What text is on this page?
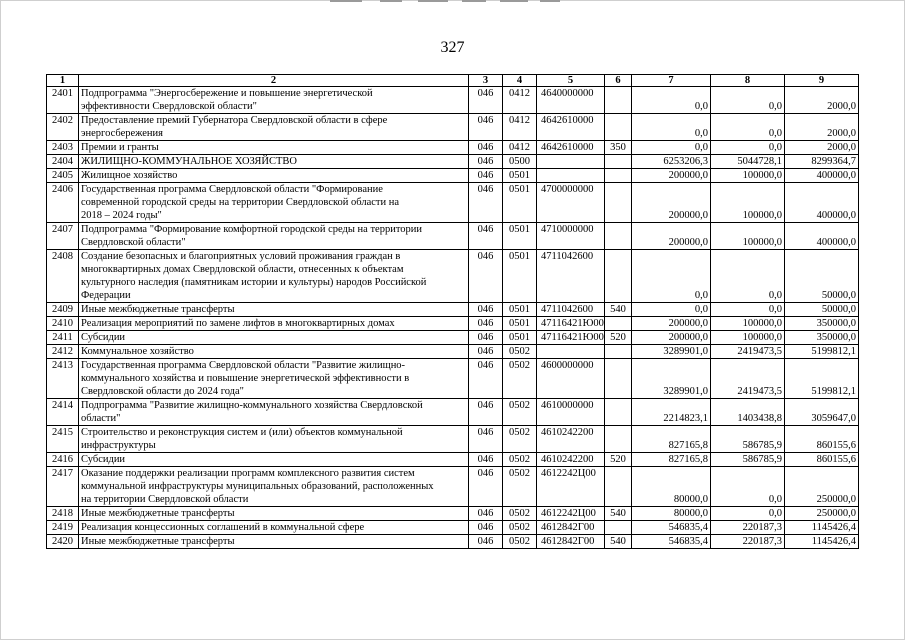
327
1	2	3	4	5	6	7	8	9
2401	Подпрограмма "Энергосбережение и повышение энергетической
эффективности Свердловской области"	046	0412	4640000000		0,0	0,0	2000,0
2402	Предоставление премий Губернатора Свердловской области в сфере
энергосбережения	046	0412	4642610000		0,0	0,0	2000,0
2403	Премии и гранты	046	0412	4642610000	350	0,0	0,0	2000,0
2404	ЖИЛИЩНО-КОММУНАЛЬНОЕ ХОЗЯЙСТВО	046	0500			6253206,3	5044728,1	8299364,7
2405	Жилищное хозяйство	046	0501			200000,0	100000,0	400000,0
2406	Государственная программа Свердловской области "Формирование
современной городской среды на территории Свердловской области на
2018 – 2024 годы"	046	0501	4700000000		200000,0	100000,0	400000,0
2407	Подпрограмма "Формирование комфортной городской среды на территории
Свердловской области"	046	0501	4710000000		200000,0	100000,0	400000,0
2408	Создание безопасных и благоприятных условий проживания граждан в
многоквартирных домах Свердловской области, отнесенных к объектам
культурного наследия (памятникам истории и культуры) народов Российской
Федерации	046	0501	4711042600		0,0	0,0	50000,0
2409	Иные межбюджетные трансферты	046	0501	4711042600	540	0,0	0,0	50000,0
2410	Реализация мероприятий по замене лифтов в многоквартирных домах	046	0501	47116421Ю00		200000,0	100000,0	350000,0
2411	Субсидии	046	0501	47116421Ю00	520	200000,0	100000,0	350000,0
2412	Коммунальное хозяйство	046	0502			3289901,0	2419473,5	5199812,1
2413	Государственная программа Свердловской области "Развитие жилищно-
коммунального хозяйства и повышение энергетической эффективности в
Свердловской области до 2024 года"	046	0502	4600000000		3289901,0	2419473,5	5199812,1
2414	Подпрограмма "Развитие жилищно-коммунального хозяйства Свердловской
области"	046	0502	4610000000		2214823,1	1403438,8	3059647,0
2415	Строительство и реконструкция систем и (или) объектов коммунальной
инфраструктуры	046	0502	4610242200		827165,8	586785,9	860155,6
2416	Субсидии	046	0502	4610242200	520	827165,8	586785,9	860155,6
2417	Оказание поддержки реализации программ комплексного развития систем
коммунальной инфраструктуры муниципальных образований, расположенных
на территории Свердловской области	046	0502	4612242Ц00		80000,0	0,0	250000,0
2418	Иные межбюджетные трансферты	046	0502	4612242Ц00	540	80000,0	0,0	250000,0
2419	Реализация концессионных соглашений в коммунальной сфере	046	0502	4612842Г00		546835,4	220187,3	1145426,4
2420	Иные межбюджетные трансферты	046	0502	4612842Г00	540	546835,4	220187,3	1145426,4
